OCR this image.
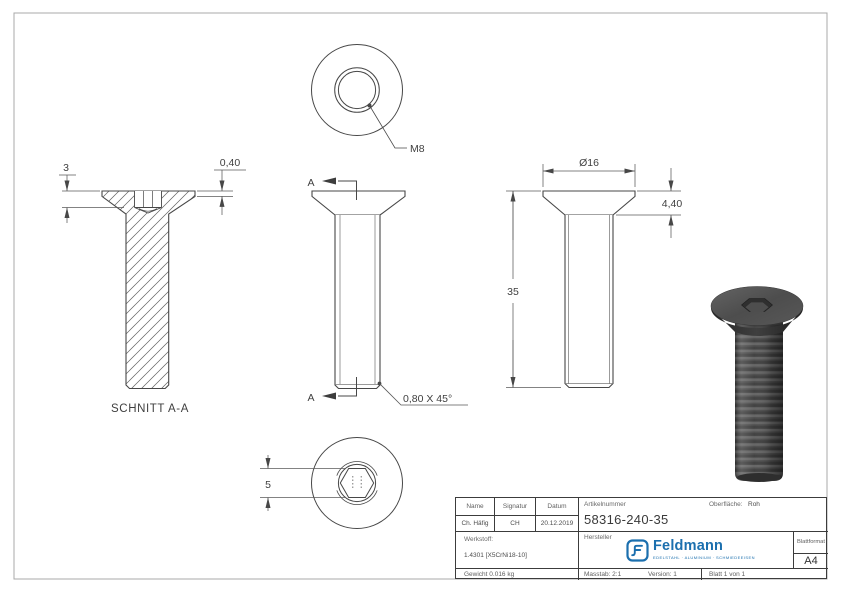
M8
3	0,40
SCHNITT A-A
A
A	0,80 X 45°
Ø16
4,40
35
5
Name	Signatur	Datum
Ch. Häfig	CH	20.12.2019
Artikelnummer
58316-240-35
Oberfläche: Roh
Werkstoff:
1.4301 [X5CrNi18-10]
Hersteller
Feldmann
EDELSTAHL · ALUMINIUM · SCHMIEDEEISEN
Blattformat
A4
Gewicht 0.016 kg	Masstab: 2:1	Version: 1	Blatt 1 von 1
